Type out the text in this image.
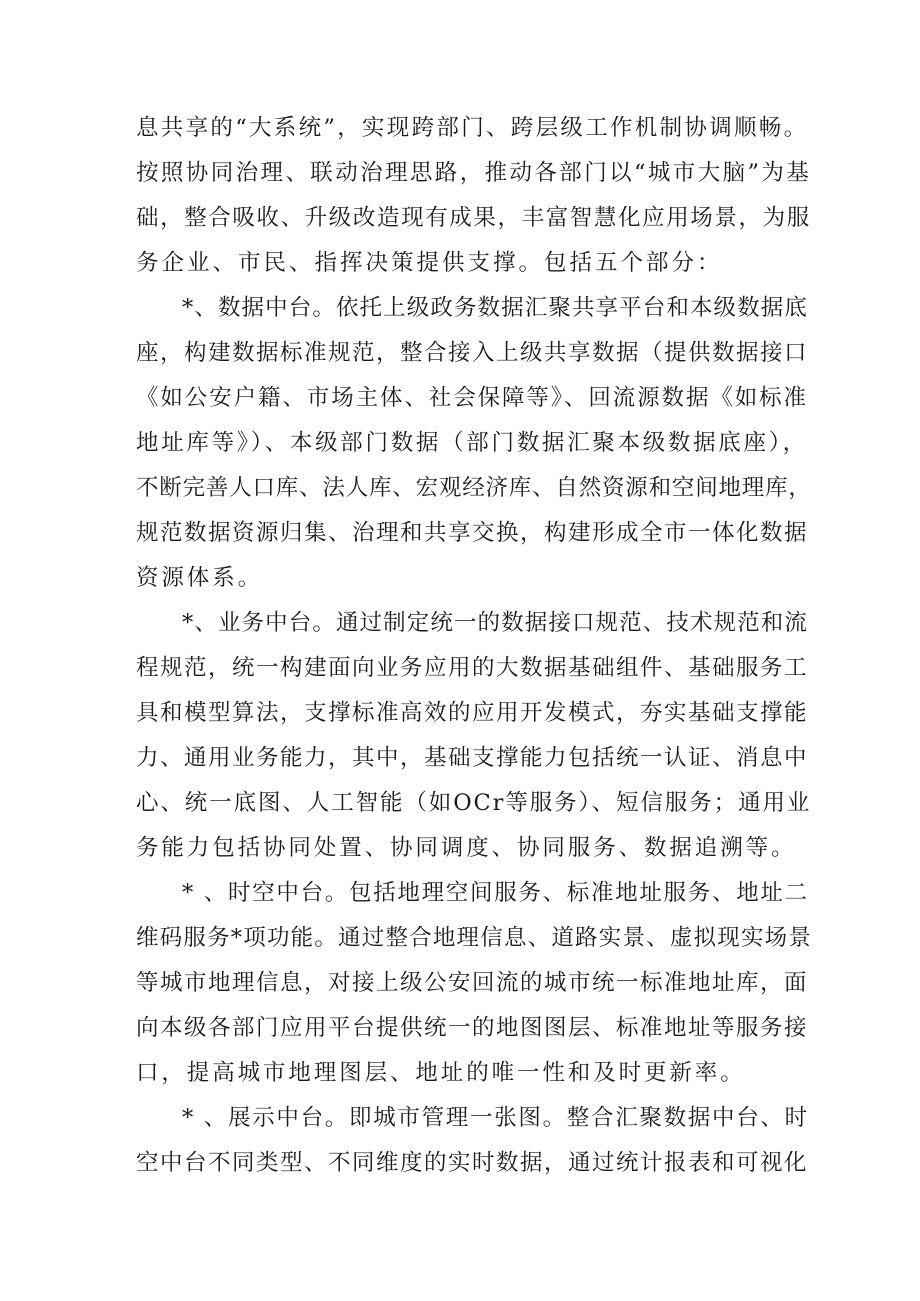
息共享的“大系统”，实现跨部门、跨层级工作机制协调顺畅。
按照协同治理、联动治理思路，推动各部门以“城市大脑”为基
础，整合吸收、升级改造现有成果，丰富智慧化应用场景，为服
务企业、市民、指挥决策提供支撑。包括五个部分：
*、数据中台。依托上级政务数据汇聚共享平台和本级数据底
座，构建数据标准规范，整合接入上级共享数据（提供数据接口
《如公安户籍、市场主体、社会保障等》、回流源数据《如标准
地址库等》）、本级部门数据（部门数据汇聚本级数据底座），
不断完善人口库、法人库、宏观经济库、自然资源和空间地理库，
规范数据资源归集、治理和共享交换，构建形成全市一体化数据
资源体系。
*、业务中台。通过制定统一的数据接口规范、技术规范和流
程规范，统一构建面向业务应用的大数据基础组件、基础服务工
具和模型算法，支撑标准高效的应用开发模式，夯实基础支撑能
力、通用业务能力，其中，基础支撑能力包括统一认证、消息中
心、统一底图、人工智能（如OCr等服务）、短信服务；通用业
务能力包括协同处置、协同调度、协同服务、数据追溯等。
* 、时空中台。包括地理空间服务、标准地址服务、地址二
维码服务*项功能。通过整合地理信息、道路实景、虚拟现实场景
等城市地理信息，对接上级公安回流的城市统一标准地址库，面
向本级各部门应用平台提供统一的地图图层、标准地址等服务接
口，提高城市地理图层、地址的唯一性和及时更新率。
* 、展示中台。即城市管理一张图。整合汇聚数据中台、时
空中台不同类型、不同维度的实时数据，通过统计报表和可视化
